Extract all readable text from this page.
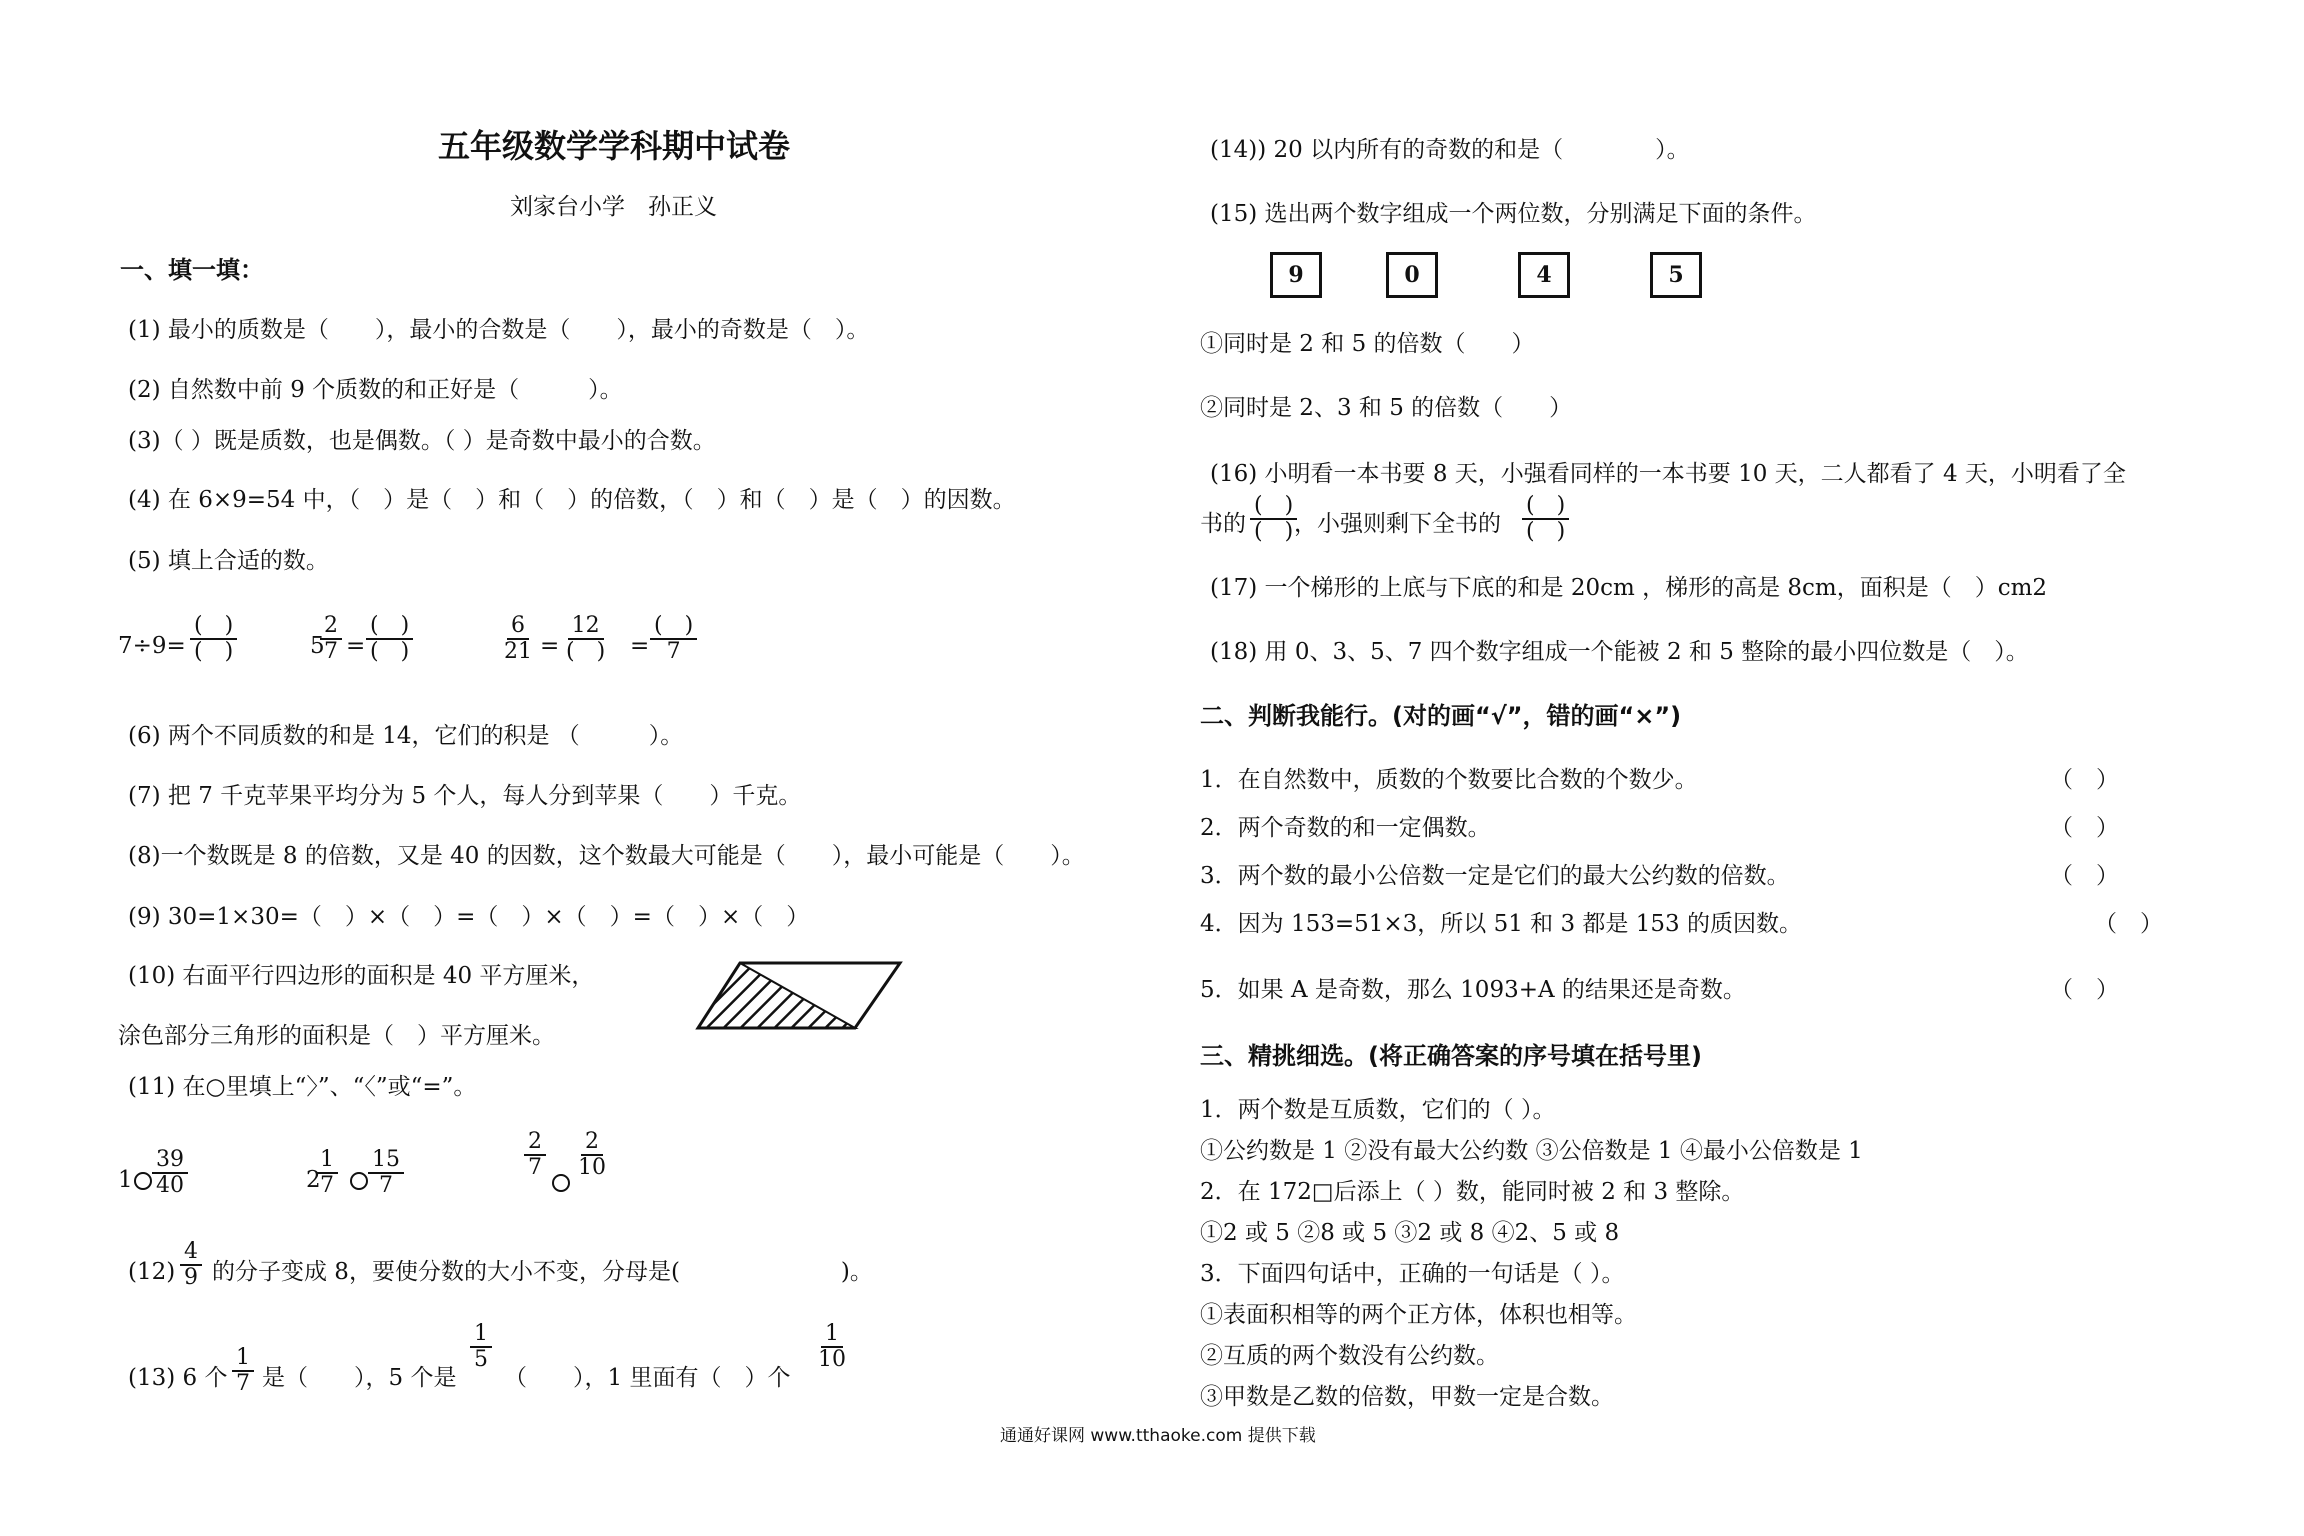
五年级数学学科期中试卷
刘家台小学　孙正义
一、填一填：
(1) 最小的质数是（　　），最小的合数是（　　），最小的奇数是（　）。
(2) 自然数中前 9 个质数的和正好是（　　　）。
(3)（ ）既是质数，也是偶数。（ ）是奇数中最小的合数。
(4) 在 6×9=54 中，（　）是（　）和（　）的倍数，（　）和（　）是（　）的因数。
(5) 填上合适的数。
7÷9=
(　)
(　)	5
$\frac{2}{7}$ =
(　)
(　)	$\frac{6}{21}$ =
12
(　) =
(　)
7
(6) 两个不同质数的和是 14，它们的积是 （　　　）。
(7) 把 7 千克苹果平均分为 5 个人，每人分到苹果（　　）千克。
(8)一个数既是 8 的倍数，又是 40 的因数，这个数最大可能是（　　），最小可能是（　　）。
(9) 30=1×30=（　）×（　）=（　）×（　）=（　）×（　）
(10) 右面平行四边形的面积是 40 平方厘米，
涂色部分三角形的面积是（　）平方厘米。
(11) 在○里填上“〉”、“〈”或“=”。
$1 \frac{39}{40}$	2
$\frac{1}{7} \frac{15}{7}$	$\frac{2}{7} \frac{2}{10}$
$(12) \frac{4}{9}$ 的分子变成 8，要使分数的大小不变，分母是(　　　　　　　)。
(13) 6 个 $\frac{1}{7}$ 是（　　），5 个是
$\frac{1}{5}$
（　　），1 里面有（　）个
$\frac{1}{10}$
(14)) 20 以内所有的奇数的和是（　　　　）。
(15) 选出两个数字组成一个两位数，分别满足下面的条件。
9	0	4	5
①同时是 2 和 5 的倍数（　　）
②同时是 2、3 和 5 的倍数（　　）
(16) 小明看一本书要 8 天，小强看同样的一本书要 10 天，二人都看了 4 天，小明看了全
书的
(　)
(　) ，小强则剩下全书的
(　)
(　)
(17) 一个梯形的上底与下底的和是 20cm ，梯形的高是 8cm，面积是（　）cm2
(18) 用 0、3、5、7 四个数字组成一个能被 2 和 5 整除的最小四位数是（　）。
二、判断我能行。(对的画“√”，错的画“×”)
1．在自然数中，质数的个数要比合数的个数少。	（　）
2．两个奇数的和一定偶数。	（　）
3．两个数的最小公倍数一定是它们的最大公约数的倍数。	（　）
4．因为 153=51×3，所以 51 和 3 都是 153 的质因数。	（　）
5．如果 A 是奇数，那么 1093+A 的结果还是奇数。	（　）
三、精挑细选。(将正确答案的序号填在括号里)
1．两个数是互质数，它们的（ ）。
①公约数是 1 ②没有最大公约数 ③公倍数是 1 ④最小公倍数是 1
2．在 172□后添上（ ）数，能同时被 2 和 3 整除。
①2 或 5 ②8 或 5 ③2 或 8 ④2、5 或 8
3．下面四句话中，正确的一句话是（ ）。
①表面积相等的两个正方体，体积也相等。
②互质的两个数没有公约数。
③甲数是乙数的倍数，甲数一定是合数。
通通好课网 www.tthaoke.com 提供下载
